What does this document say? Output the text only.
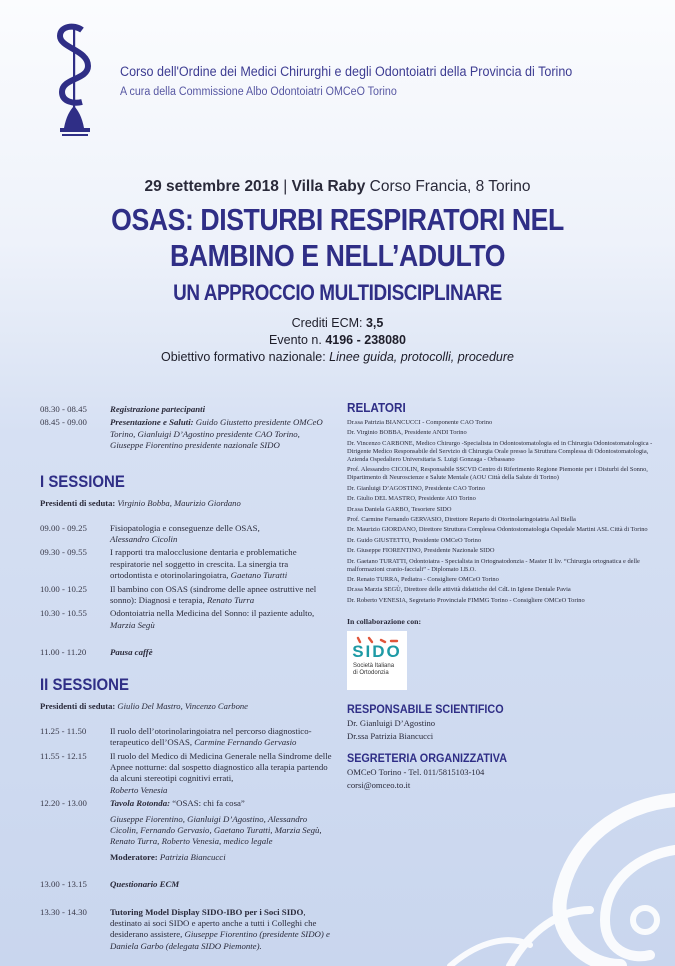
Corso dell'Ordine dei Medici Chirurghi e degli Odontoiatri della Provincia di Torino
A cura della Commissione Albo Odontoiatri OMCeO Torino
29 settembre 2018 | Villa Raby Corso Francia, 8 Torino
OSAS: DISTURBI RESPIRATORI NEL
BAMBINO E NELL’ADULTO
UN APPROCCIO MULTIDISCIPLINARE
Crediti ECM: 3,5
Evento n. 4196 - 238080
Obiettivo formativo nazionale: Linee guida, protocolli, procedure
08.30 - 08.45	Registrazione partecipanti
08.45 - 09.00	Presentazione e Saluti: Guido Giustetto presidente OMCeO Torino, Gianluigi D’Agostino presidente CAO Torino, Giuseppe Fiorentino presidente nazionale SIDO
I SESSIONE
Presidenti di seduta: Virginio Bobba, Maurizio Giordano
09.00 - 09.25	Fisiopatologia e conseguenze delle OSAS,
Alessandro Cicolin
09.30 - 09.55	I rapporti tra malocclusione dentaria e problematiche respiratorie nel soggetto in crescita. La sinergia tra ortodontista e otorinolaringoiatra, Gaetano Turatti
10.00 - 10.25	Il bambino con OSAS (sindrome delle apnee ostruttive nel sonno): Diagnosi e terapia, Renato Turra
10.30 - 10.55	Odontoiatria nella Medicina del Sonno: il paziente adulto,
Marzia Segù
11.00 - 11.20	Pausa caffè
II SESSIONE
Presidenti di seduta: Giulio Del Mastro, Vincenzo Carbone
11.25 - 11.50	Il ruolo dell’otorinolaringoiatra nel percorso diagnostico-terapeutico dell’OSAS, Carmine Fernando Gervasio
11.55 - 12.15	Il ruolo del Medico di Medicina Generale nella Sindrome delle Apnee notturne: dal sospetto diagnostico alla terapia partendo da alcuni stereotipi cognitivi errati,
Roberto Venesia
12.20 - 13.00	Tavola Rotonda: “OSAS: chi fa cosa”
Giuseppe Fiorentino, Gianluigi D’Agostino, Alessandro Cicolin, Fernando Gervasio, Gaetano Turatti, Marzia Segù, Renato Turra, Roberto Venesia, medico legale
Moderatore: Patrizia Biancucci
13.00 - 13.15	Questionario ECM
13.30 - 14.30	Tutoring Model Display SIDO-IBO per i Soci SIDO, destinato ai soci SIDO e aperto anche a tutti i Colleghi che desiderano assistere, Giuseppe Fiorentino (presidente SIDO) e Daniela Garbo (delegata SIDO Piemonte).
RELATORI
Dr.ssa Patrizia BIANCUCCI - Componente CAO Torino
Dr. Virginio BOBBA, Presidente ANDI Torino
Dr. Vincenzo CARBONE, Medico Chirurgo -Specialista in Odontostomatologia ed in Chirurgia Odontostomatologica - Dirigente Medico Responsabile del Servizio di Chirurgia Orale presso la Struttura Complessa di Odontostomatologia, Azienda Ospedaliero Universitaria S. Luigi Gonzaga - Orbassano
Prof. Alessandro CICOLIN, Responsabile SSCVD Centro di Riferimento Regione Piemonte per i Disturbi del Sonno, Dipartimento di Neuroscienze e Salute Mentale (AOU Città della Salute di Torino)
Dr. Gianluigi D’AGOSTINO, Presidente CAO Torino
Dr. Giulio DEL MASTRO, Presidente AIO Torino
Dr.ssa Daniela GARBO, Tesoriere SIDO
Prof. Carmine Fernando GERVASIO, Direttore Reparto di Otorinolaringoiatria Asl Biella
Dr. Maurizio GIORDANO, Direttore Struttura Complessa Odontostomatologia Ospedale Martini ASL Città di Torino
Dr. Guido GIUSTETTO, Presidente OMCeO Torino
Dr. Giuseppe FIORENTINO, Presidente Nazionale SIDO
Dr. Gaetano TURATTI, Odontoiatra - Specialista in Ortognatodonzia - Master II liv. “Chirurgia ortognatica e delle malformazioni cranio-facciali” - Diplomato I.B.O.
Dr. Renato TURRA, Pediatra - Consigliere OMCeO Torino
Dr.ssa Marzia SEGÙ, Direttore delle attività didattiche del CdL in Igiene Dentale Pavia
Dr. Roberto VENESIA, Segretario Provinciale FIMMG Torino - Consigliere OMCeO Torino
In collaborazione con:
SIDO
Società Italiana
di Ortodonzia
RESPONSABILE SCIENTIFICO
Dr. Gianluigi D’Agostino
Dr.ssa Patrizia Biancucci
SEGRETERIA ORGANIZZATIVA
OMCeO Torino - Tel. 011/5815103-104
corsi@omceo.to.it
